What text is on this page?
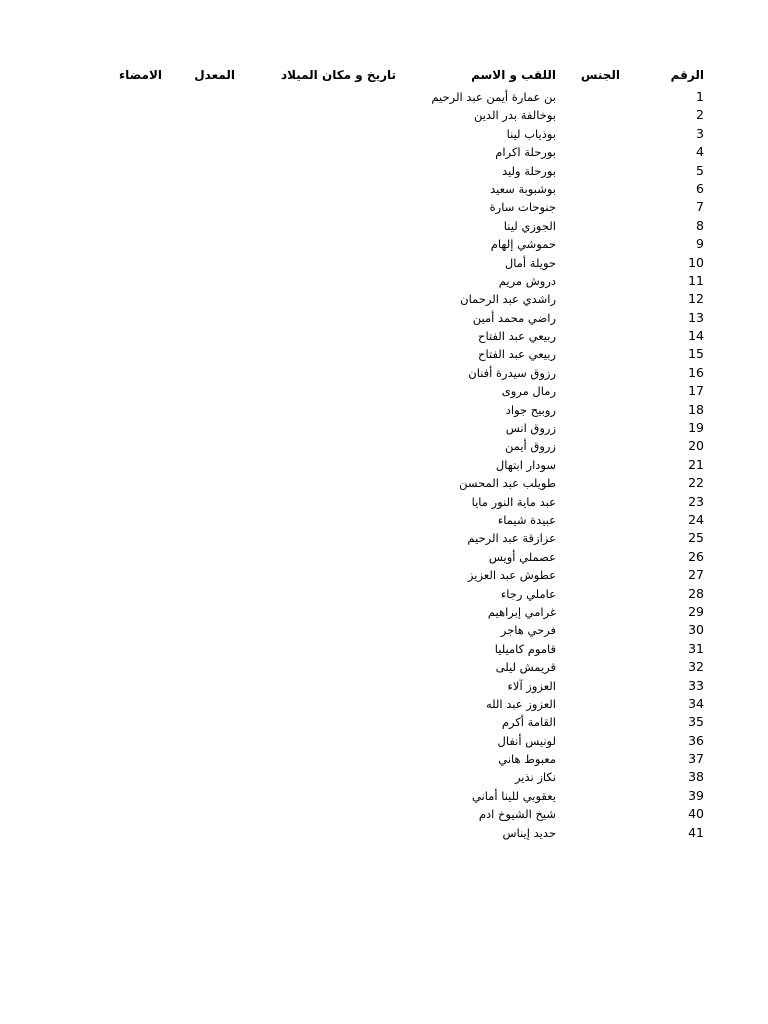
الرقم
الجنس
اللقب و الاسم
تاريخ و مكان الميلاد
المعدل
الامضاء
1
بن عمارة أيمن عبد الرحيم
2
بوخالفة بدر الدين
3
بوذياب لينا
4
بورحلة اكرام
5
بورحلة وليد
6
بوشبوبة سعيد
7
جنوحات سارة
8
الجوزي لينا
9
حموشي إلهام
10
حويلة أمال
11
دروش مريم
12
راشدي عبد الرحمان
13
راضي محمد أمين
14
ربيعي عبد الفتاح
15
ربيعي عبد الفتاح
16
رزوق سيدرة أفنان
17
رمال مروى
18
روبيح جواد
19
زروق انس
20
زروق أيمن
21
سودار ابتهال
22
طويلب عبد المحسن
23
عبد ماية النور مايا
24
عبيدة شيماء
25
عزازقة عبد الرحيم
26
عصملي أويس
27
عطوش عبد العزيز
28
عاملي رجاء
29
غرامي إبراهيم
30
فرحي هاجر
31
قاموم كاميليا
32
قريمش ليلى
33
العزوز آلاء
34
العزوز عبد الله
35
القامة أكرم
36
لونيس أنفال
37
معبوط هاني
38
نكاز نذير
39
يعقوبي للينا أماني
40
شيخ الشيوخ ادم
41
حديد إيناس
